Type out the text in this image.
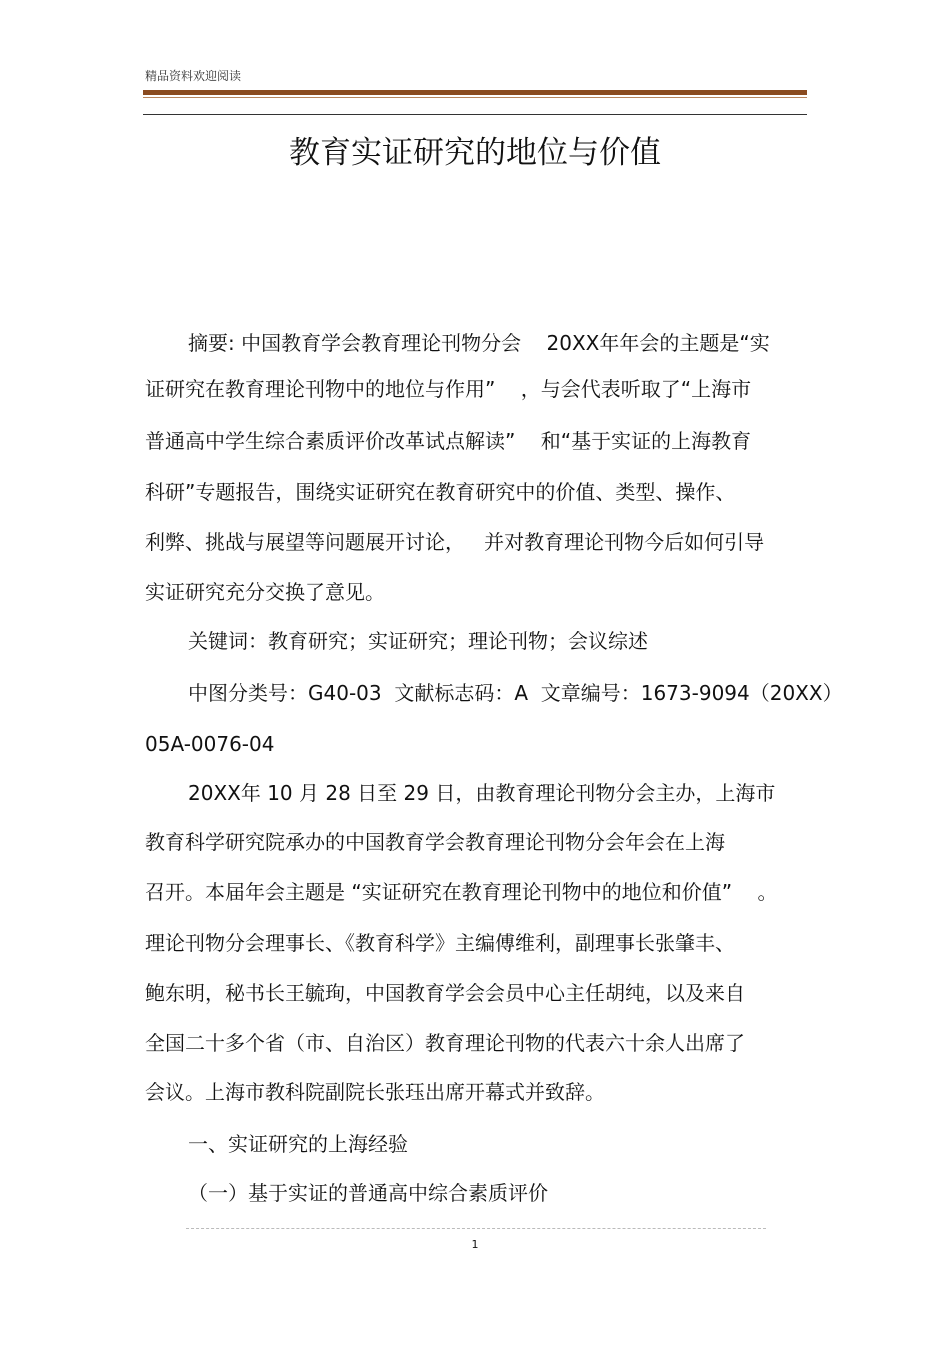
精品资料欢迎阅读
教育实证研究的地位与价值
摘要: 中国教育学会教育理论刊物分会    20XX年年会的主题是“实
证研究在教育理论刊物中的地位与作用”    ，与会代表听取了“上海市
普通高中学生综合素质评价改革试点解读”    和“基于实证的上海教育
科研”专题报告，围绕实证研究在教育研究中的价值、类型、操作、
利弊、挑战与展望等问题展开讨论，   并对教育理论刊物今后如何引导
实证研究充分交换了意见。
关键词：教育研究；实证研究；理论刊物；会议综述
中图分类号：G40-03  文献标志码：A  文章编号：1673-9094（20XX）
05A-0076-04
20XX年 10 月 28 日至 29 日，由教育理论刊物分会主办，上海市
教育科学研究院承办的中国教育学会教育理论刊物分会年会在上海
召开。本届年会主题是 “实证研究在教育理论刊物中的地位和价值”    。
理论刊物分会理事长、《教育科学》主编傅维利，副理事长张肇丰、
鲍东明，秘书长王毓珣，中国教育学会会员中心主任胡纯，以及来自
全国二十多个省（市、自治区）教育理论刊物的代表六十余人出席了
会议。上海市教科院副院长张珏出席开幕式并致辞。
一、实证研究的上海经验
（一）基于实证的普通高中综合素质评价
1
